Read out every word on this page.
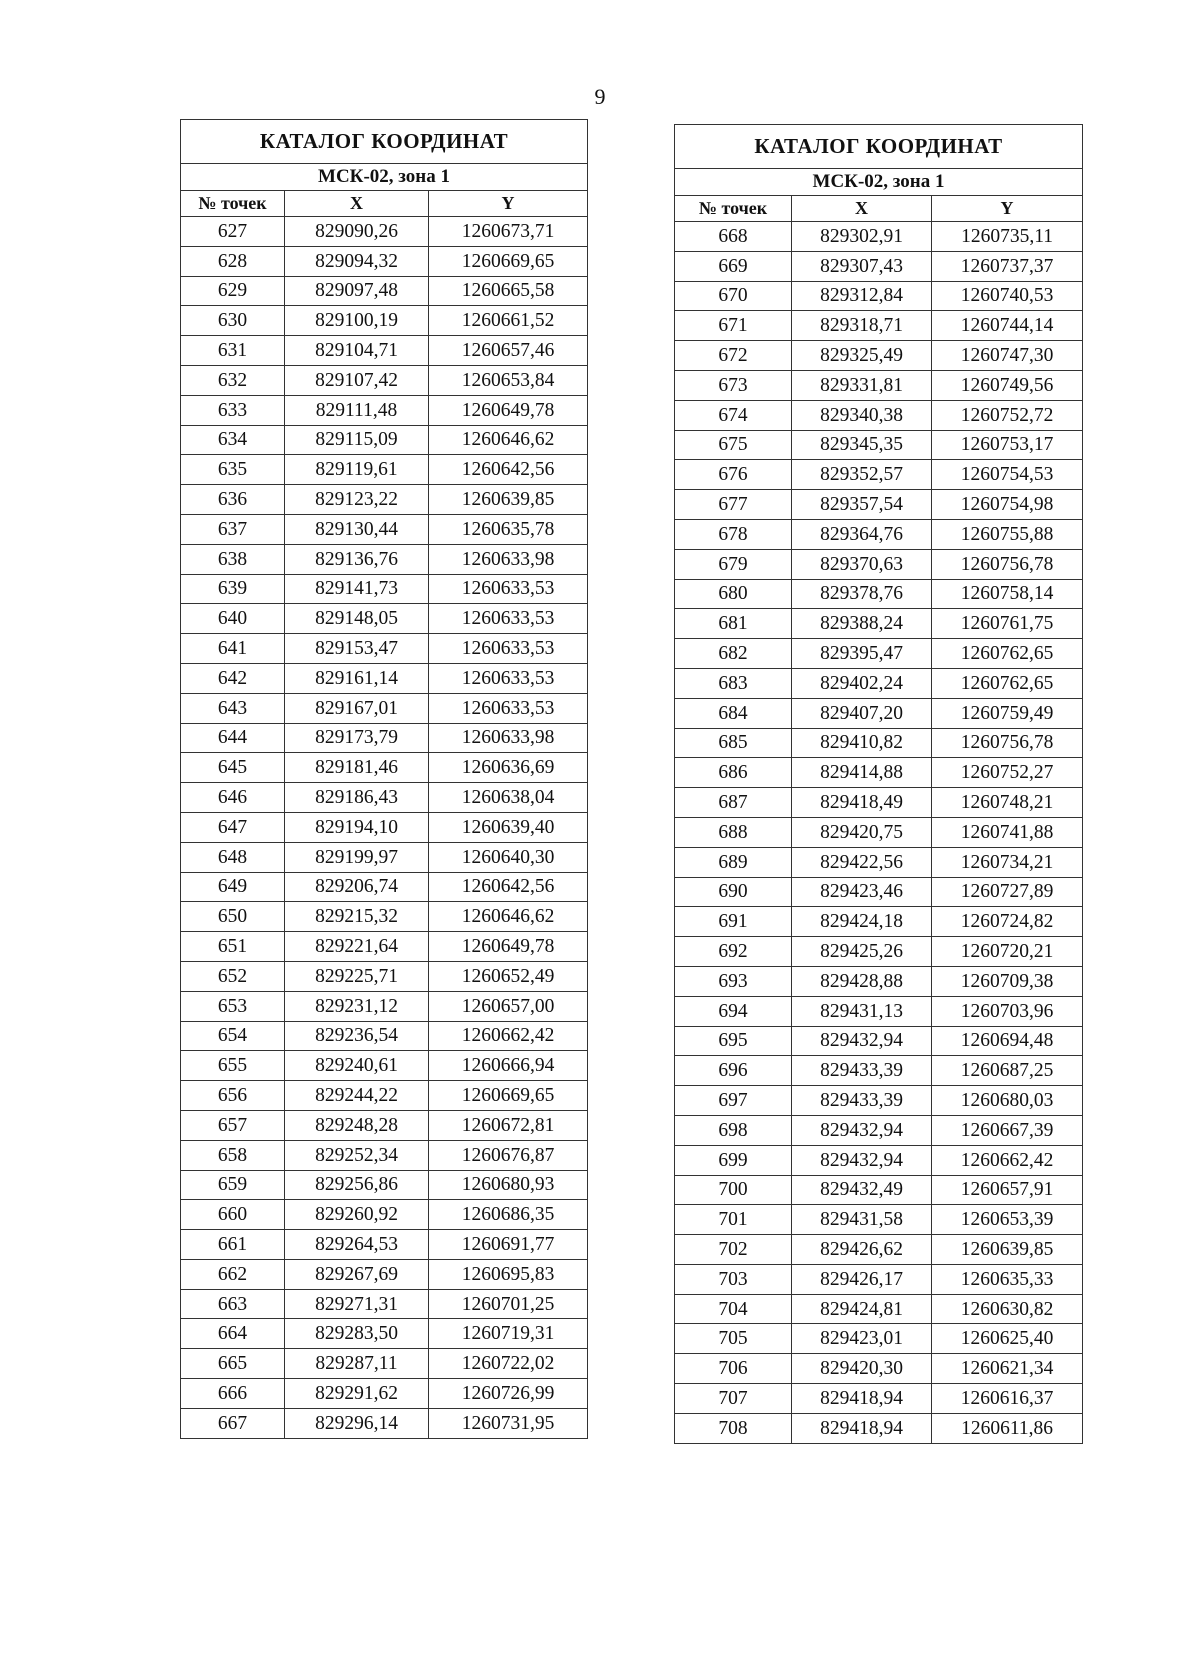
9
КАТАЛОГ КООРДИНАТ		
МСК-02, зона 1		
№ точек	X	Y
627	829090,26	1260673,71
628	829094,32	1260669,65
629	829097,48	1260665,58
630	829100,19	1260661,52
631	829104,71	1260657,46
632	829107,42	1260653,84
633	829111,48	1260649,78
634	829115,09	1260646,62
635	829119,61	1260642,56
636	829123,22	1260639,85
637	829130,44	1260635,78
638	829136,76	1260633,98
639	829141,73	1260633,53
640	829148,05	1260633,53
641	829153,47	1260633,53
642	829161,14	1260633,53
643	829167,01	1260633,53
644	829173,79	1260633,98
645	829181,46	1260636,69
646	829186,43	1260638,04
647	829194,10	1260639,40
648	829199,97	1260640,30
649	829206,74	1260642,56
650	829215,32	1260646,62
651	829221,64	1260649,78
652	829225,71	1260652,49
653	829231,12	1260657,00
654	829236,54	1260662,42
655	829240,61	1260666,94
656	829244,22	1260669,65
657	829248,28	1260672,81
658	829252,34	1260676,87
659	829256,86	1260680,93
660	829260,92	1260686,35
661	829264,53	1260691,77
662	829267,69	1260695,83
663	829271,31	1260701,25
664	829283,50	1260719,31
665	829287,11	1260722,02
666	829291,62	1260726,99
667	829296,14	1260731,95
КАТАЛОГ КООРДИНАТ		
МСК-02, зона 1		
№ точек	X	Y
668	829302,91	1260735,11
669	829307,43	1260737,37
670	829312,84	1260740,53
671	829318,71	1260744,14
672	829325,49	1260747,30
673	829331,81	1260749,56
674	829340,38	1260752,72
675	829345,35	1260753,17
676	829352,57	1260754,53
677	829357,54	1260754,98
678	829364,76	1260755,88
679	829370,63	1260756,78
680	829378,76	1260758,14
681	829388,24	1260761,75
682	829395,47	1260762,65
683	829402,24	1260762,65
684	829407,20	1260759,49
685	829410,82	1260756,78
686	829414,88	1260752,27
687	829418,49	1260748,21
688	829420,75	1260741,88
689	829422,56	1260734,21
690	829423,46	1260727,89
691	829424,18	1260724,82
692	829425,26	1260720,21
693	829428,88	1260709,38
694	829431,13	1260703,96
695	829432,94	1260694,48
696	829433,39	1260687,25
697	829433,39	1260680,03
698	829432,94	1260667,39
699	829432,94	1260662,42
700	829432,49	1260657,91
701	829431,58	1260653,39
702	829426,62	1260639,85
703	829426,17	1260635,33
704	829424,81	1260630,82
705	829423,01	1260625,40
706	829420,30	1260621,34
707	829418,94	1260616,37
708	829418,94	1260611,86
